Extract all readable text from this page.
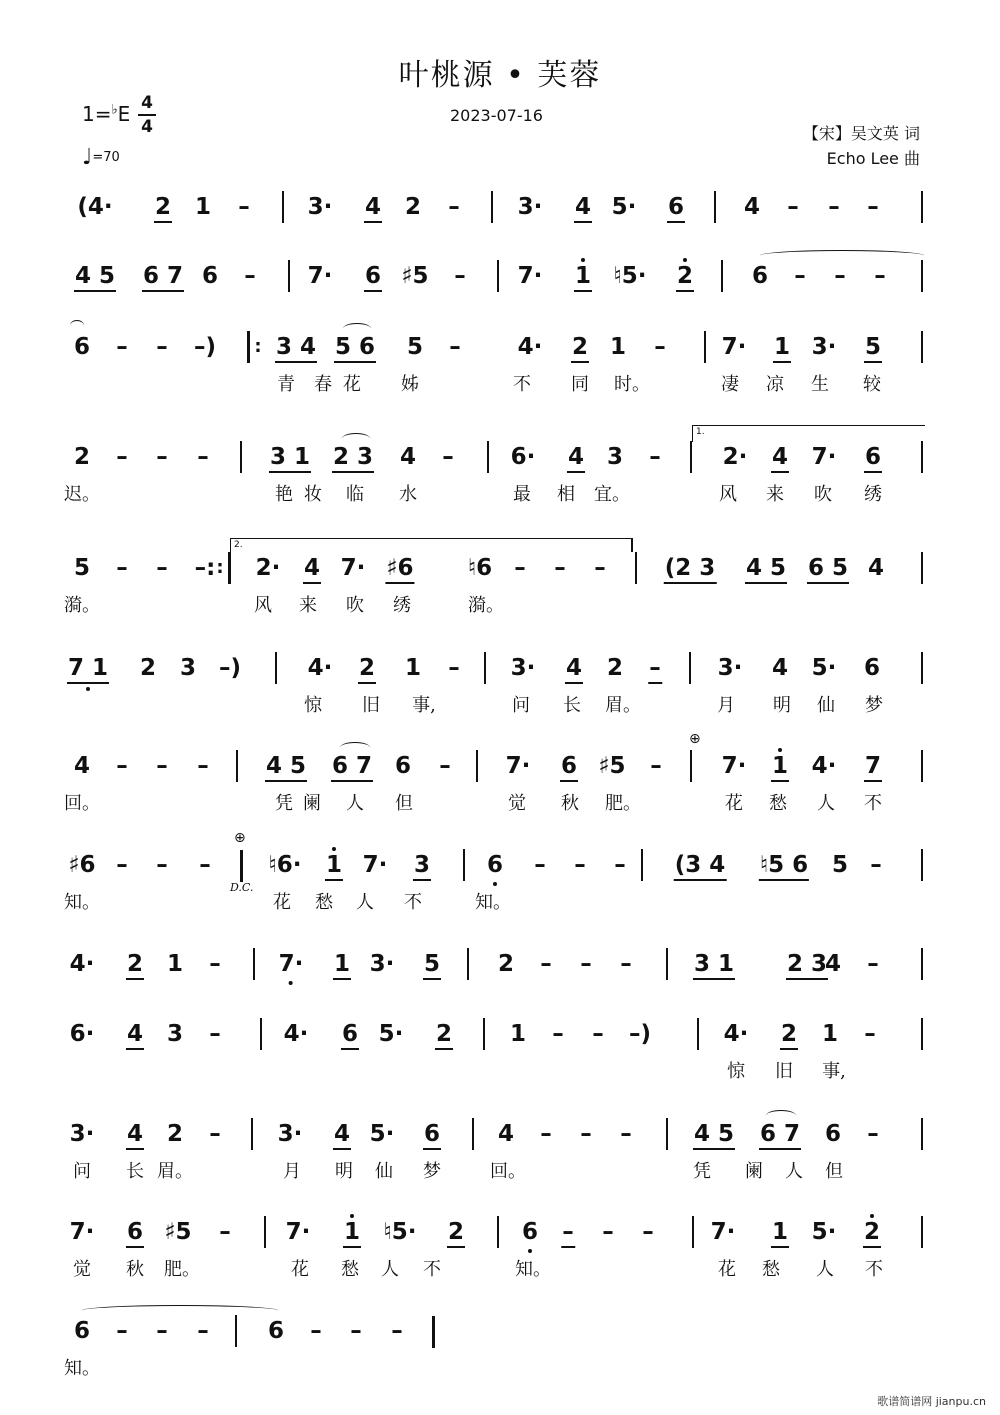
叶桃源 • 芙蓉
2023-07-16
1=♭E 4
4
♩=70
【宋】吴文英 词
Echo Lee 曲
(4· 2 1 –	3· 4 2 –	3· 4 5· 6	4 – – –
4 5 6 7 6 – 7· 6 ♯5 – 7· 1 ♮5· 2	6 – – –
6 – – –)	3 4 5 6 5 – 4· 2 1 – 7· 1 3· 5
青 春 花 姊	不 同 时。	凄 凉 生 较
2 – – –	3 1 2 3 4 – 6· 4 3 –	2· 4 7· 6
迟。	艳 妆 临 水	最 相 宜。	风 来 吹 绣
5 – – –: 2· 4 7· ♯6 ♮6 – – –	(2 3 4 5 6 5 4
漪。	风 来 吹 绣	漪。
7 1 2 3 –)	4· 2 1 – 3· 4 2 – 3· 4 5· 6
惊 旧 事,	问 长 眉。	月 明 仙 梦
4 – – – 4 5 6 7 6 – 7· 6 ♯5 –	7· 1 4· 7
回。	凭 阑 人 但	觉 秋 肥。	花 愁 人 不
♯6 – – –	♮6· 1 7· 3 6 – – – (3 4 ♮5 6 5 –
知。	花 愁 人 不	知。
4· 2 1 –	7· 1 3· 5	2 – – –	3 1 2 3
4 –
6· 4 3 –	4· 6 5· 2	1 – – –)	4· 2 1 –
惊 旧 事,
3· 4 2 – 3· 4 5· 6	4 – – –	4 5 6 7 6 –
问 长 眉。	月 明 仙 梦	回。	凭 阑 人 但
7· 6 ♯5 – 7· 1 ♮5· 2	6 – – – 7· 1 5· 2
觉 秋 肥。	花 愁 人 不	知。	花 愁 人 不
6 – – –	6 – – –
知。
:
:
1.
2.
⊕
⊕
D.C.
歌谱简谱网 jianpu.cn
